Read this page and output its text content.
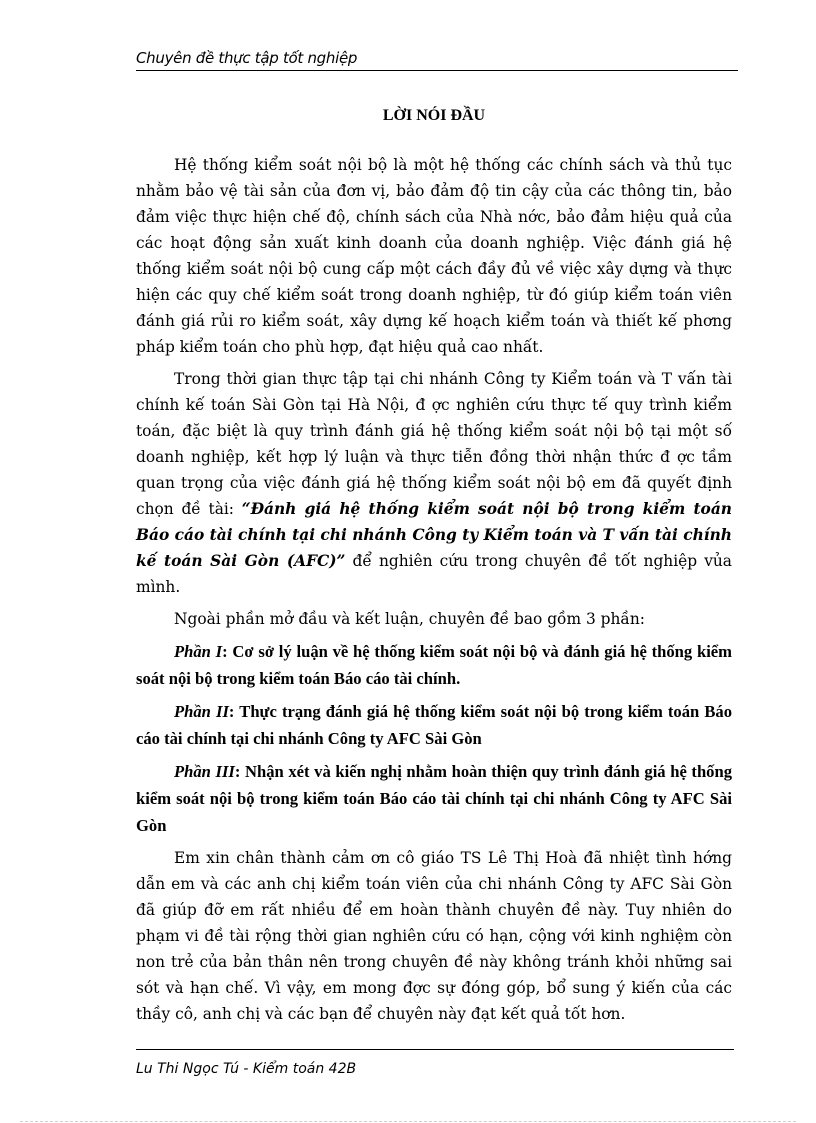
Chuyên đề thực tập tốt nghiệp
LỜI NÓI ĐẦU

Hệ thống kiểm soát nội bộ là một hệ thống các chính sách và thủ tục nhằm bảo vệ tài sản của đơn vị, bảo đảm độ tin cậy của các thông tin, bảo đảm việc thực hiện chế độ, chính sách của Nhà nớc, bảo đảm hiệu quả của các hoạt động sản xuất kinh doanh của doanh nghiệp. Việc đánh giá hệ thống kiểm soát nội bộ cung cấp một cách đầy đủ về việc xây dựng và thực hiện các quy chế kiểm soát trong doanh nghiệp, từ đó giúp kiểm toán viên đánh giá rủi ro kiểm soát, xây dựng kế hoạch kiểm toán và thiết kế phơng pháp kiểm toán cho phù hợp, đạt hiệu quả cao nhất.

Trong thời gian thực tập tại chi nhánh Công ty Kiểm toán và T vấn tài chính kế toán Sài Gòn tại Hà Nội, đ ợc nghiên cứu thực tế quy trình kiểm toán, đặc biệt là quy trình đánh giá hệ thống kiểm soát nội bộ tại một số doanh nghiệp, kết hợp lý luận và thực tiễn đồng thời nhận thức đ ợc tầm quan trọng của việc đánh giá hệ thống kiểm soát nội bộ em đã quyết định chọn đề tài: “Đánh giá hệ thống kiểm soát nội bộ trong kiểm toán Báo cáo tài chính tại chi nhánh Công ty Kiểm toán và T vấn tài chính kế toán Sài Gòn (AFC)” để nghiên cứu trong chuyên đề tốt nghiệp vủa mình.

Ngoài phần mở đầu và kết luận, chuyên đề bao gồm 3 phần:

Phần I: Cơ sở lý luận về hệ thống kiểm soát nội bộ và đánh giá hệ thống kiểm soát nội bộ trong kiểm toán Báo cáo tài chính.

Phần II: Thực trạng đánh giá hệ thống kiểm soát nội bộ trong kiểm toán Báo cáo tài chính tại chi nhánh Công ty AFC Sài Gòn

Phần III: Nhận xét và kiến nghị nhằm hoàn thiện quy trình đánh giá hệ thống kiểm soát nội bộ trong kiểm toán Báo cáo tài chính tại chi nhánh Công ty AFC Sài Gòn

Em xin chân thành cảm ơn cô giáo TS Lê Thị Hoà đã nhiệt tình hớng dẫn em và các anh chị kiểm toán viên của chi nhánh Công ty AFC Sài Gòn đã giúp đỡ em rất nhiều để em hoàn thành chuyên đề này. Tuy nhiên do phạm vi đề tài rộng thời gian nghiên cứu có hạn, cộng với kinh nghiệm còn non trẻ của bản thân nên trong chuyên đề này không tránh khỏi những sai sót và hạn chế. Vì vậy, em mong đợc sự đóng góp, bổ sung ý kiến của các thầy cô, anh chị và các bạn để chuyên này đạt kết quả tốt hơn.

Lu Thi Ngọc Tú - Kiểm toán 42B
